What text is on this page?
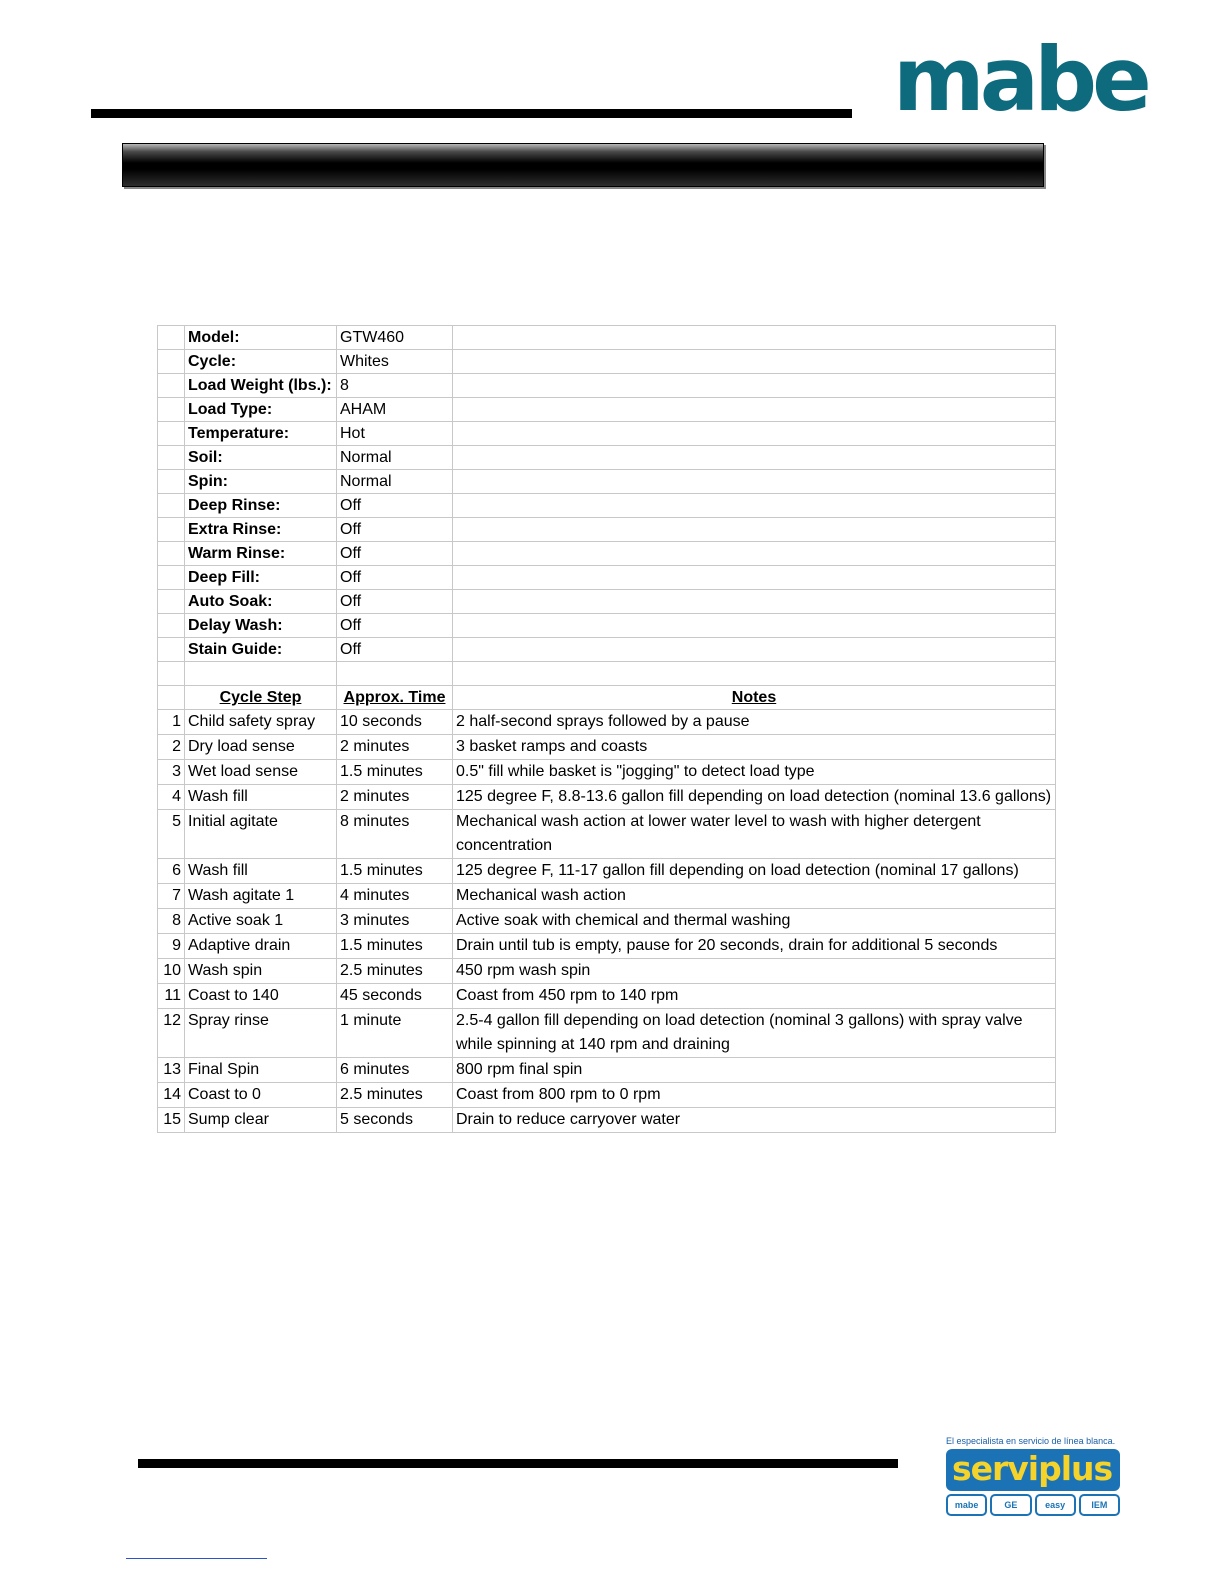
mabe
	Model:	GTW460	
	Cycle:	Whites	
	Load Weight (lbs.):	8	
	Load Type:	AHAM	
	Temperature:	Hot	
	Soil:	Normal	
	Spin:	Normal	
	Deep Rinse:	Off	
	Extra Rinse:	Off	
	Warm Rinse:	Off	
	Deep Fill:	Off	
	Auto Soak:	Off	
	Delay Wash:	Off	
	Stain Guide:	Off	

	Cycle Step	Approx. Time	Notes
1	Child safety spray	10 seconds	2 half-second sprays followed by a pause
2	Dry load sense	2 minutes	3 basket ramps and coasts
3	Wet load sense	1.5 minutes	0.5" fill while basket is "jogging" to detect load type
4	Wash fill	2 minutes	125 degree F, 8.8-13.6 gallon fill depending on load detection (nominal 13.6 gallons)
5	Initial agitate	8 minutes	Mechanical wash action at lower water level to wash with higher detergent concentration
6	Wash fill	1.5 minutes	125 degree F, 11-17 gallon fill depending on load detection (nominal 17 gallons)
7	Wash agitate 1	4 minutes	Mechanical wash action
8	Active soak 1	3 minutes	Active soak with chemical and thermal washing
9	Adaptive drain	1.5 minutes	Drain until tub is empty, pause for 20 seconds, drain for additional 5 seconds
10	Wash spin	2.5 minutes	450 rpm wash spin
11	Coast to 140	45 seconds	Coast from 450 rpm to 140 rpm
12	Spray rinse	1 minute	2.5-4 gallon fill depending on load detection (nominal 3 gallons) with spray valve while spinning at 140 rpm and draining
13	Final Spin	6 minutes	800 rpm final spin
14	Coast to 0	2.5 minutes	Coast from 800 rpm to 0 rpm
15	Sump clear	5 seconds	Drain to reduce carryover water
El especialista en servicio de línea blanca.
serviplus
mabe	GE	easy	IEM
